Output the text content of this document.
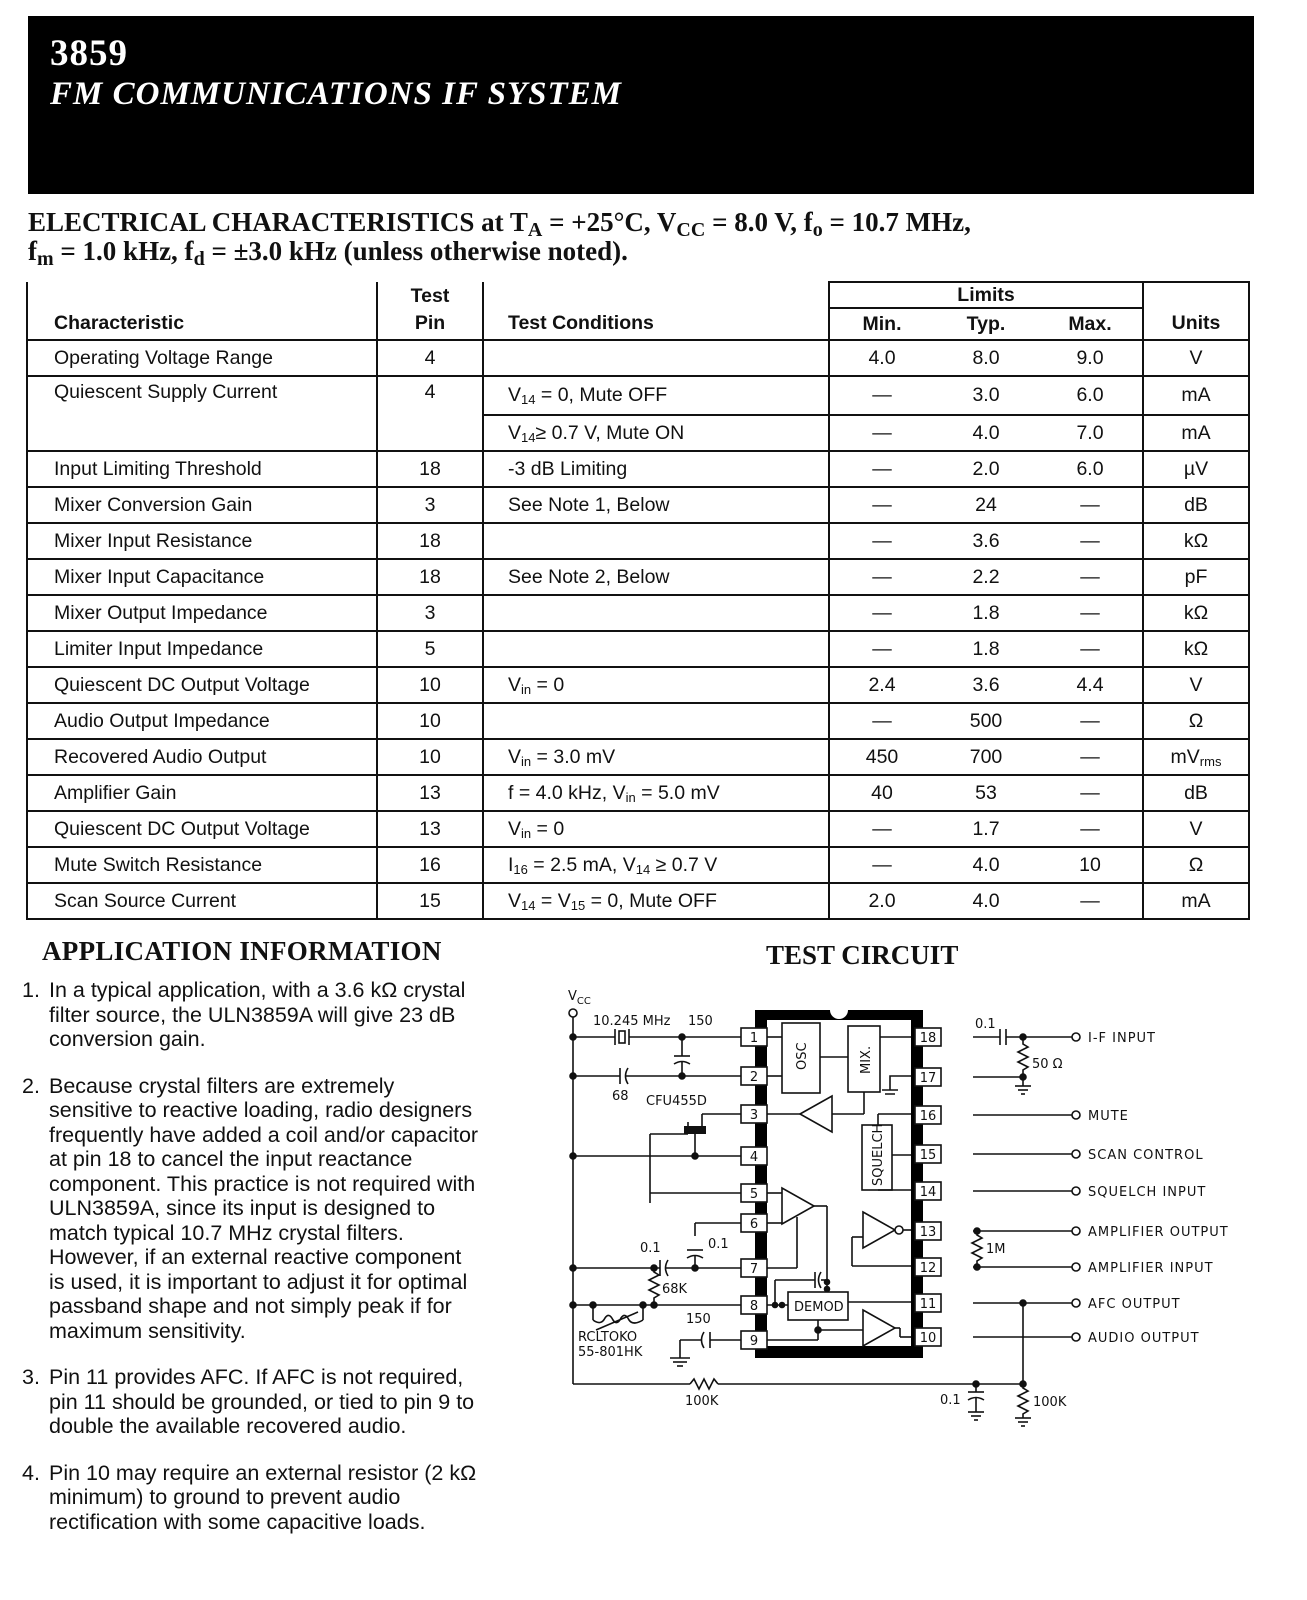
3859
FM COMMUNICATIONS IF SYSTEM
ELECTRICAL CHARACTERISTICS at $T_A = +25^\circ C$, $V_{CC} = 8.0$ V, $f_o = 10.7$ MHz,
$f_m = 1.0$ kHz, $f_d = \pm 3.0$ kHz (unless otherwise noted).
	Test		Limits			
Characteristic	Pin	Test Conditions	Min.	Typ.	Max.	Units
Operating Voltage Range	4		4.0	8.0	9.0	V
Quiescent Supply Current	4	$V_{14} = 0$, Mute OFF	—	3.0	6.0	mA
		$V_{14}\ge 0.7$ V, Mute ON	—	4.0	7.0	mA
Input Limiting Threshold	18	-3 dB Limiting	—	2.0	6.0	µV
Mixer Conversion Gain	3	See Note 1, Below	—	24	—	dB
Mixer Input Resistance	18		—	3.6	—	kΩ
Mixer Input Capacitance	18	See Note 2, Below	—	2.2	—	pF
Mixer Output Impedance	3		—	1.8	—	kΩ
Limiter Input Impedance	5		—	1.8	—	kΩ
Quiescent DC Output Voltage	10	$V_{in} = 0$	2.4	3.6	4.4	V
Audio Output Impedance	10		—	500	—	Ω
Recovered Audio Output	10	$V_{in} = 3.0$ mV	450	700	—	$mV_{rms}$
Amplifier Gain	13	f = 4.0 kHz, $V_{in} = 5.0$ mV	40	53	—	dB
Quiescent DC Output Voltage	13	$V_{in} = 0$	—	1.7	—	V
Mute Switch Resistance	16	$I_{16} = 2.5$ mA, $V_{14} \ge 0.7$ V	—	4.0	10	Ω
Scan Source Current	15	$V_{14} = V_{15} = 0$, Mute OFF	2.0	4.0	—	mA
APPLICATION INFORMATION
1. In a typical application, with a 3.6 kΩ crystal filter source, the ULN3859A will give 23 dB conversion gain.
2. Because crystal filters are extremely sensitive to reactive loading, radio designers frequently have added a coil and/or capacitor at pin 18 to cancel the input reactance component. This practice is not required with ULN3859A, since its input is designed to match typical 10.7 MHz crystal filters. However, if an external reactive component is used, it is important to adjust it for optimal passband shape and not simply peak if for maximum sensitivity.
3. Pin 11 provides AFC. If AFC is not required, pin 11 should be grounded, or tied to pin 9 to double the available recovered audio.
4. Pin 10 may require an external resistor (2 kΩ minimum) to ground to prevent audio rectification with some capacitive loads.
TEST CIRCUIT
$V_{CC}$
1
2
3
4
5
6
7
8
9
18
17
16
15
14
13
12
11
10
10.245 MHz 150
68 CFU455D
0.1
0.1
68K
RCLTOKO
55-801HK
150
100K
OSC	MIX.
SQUELCH
DEMOD
0.1
50 Ω
1M
0.1	100K
I-F INPUT
MUTE
SCAN CONTROL
SQUELCH INPUT
AMPLIFIER OUTPUT
AMPLIFIER INPUT
AFC OUTPUT
AUDIO OUTPUT
